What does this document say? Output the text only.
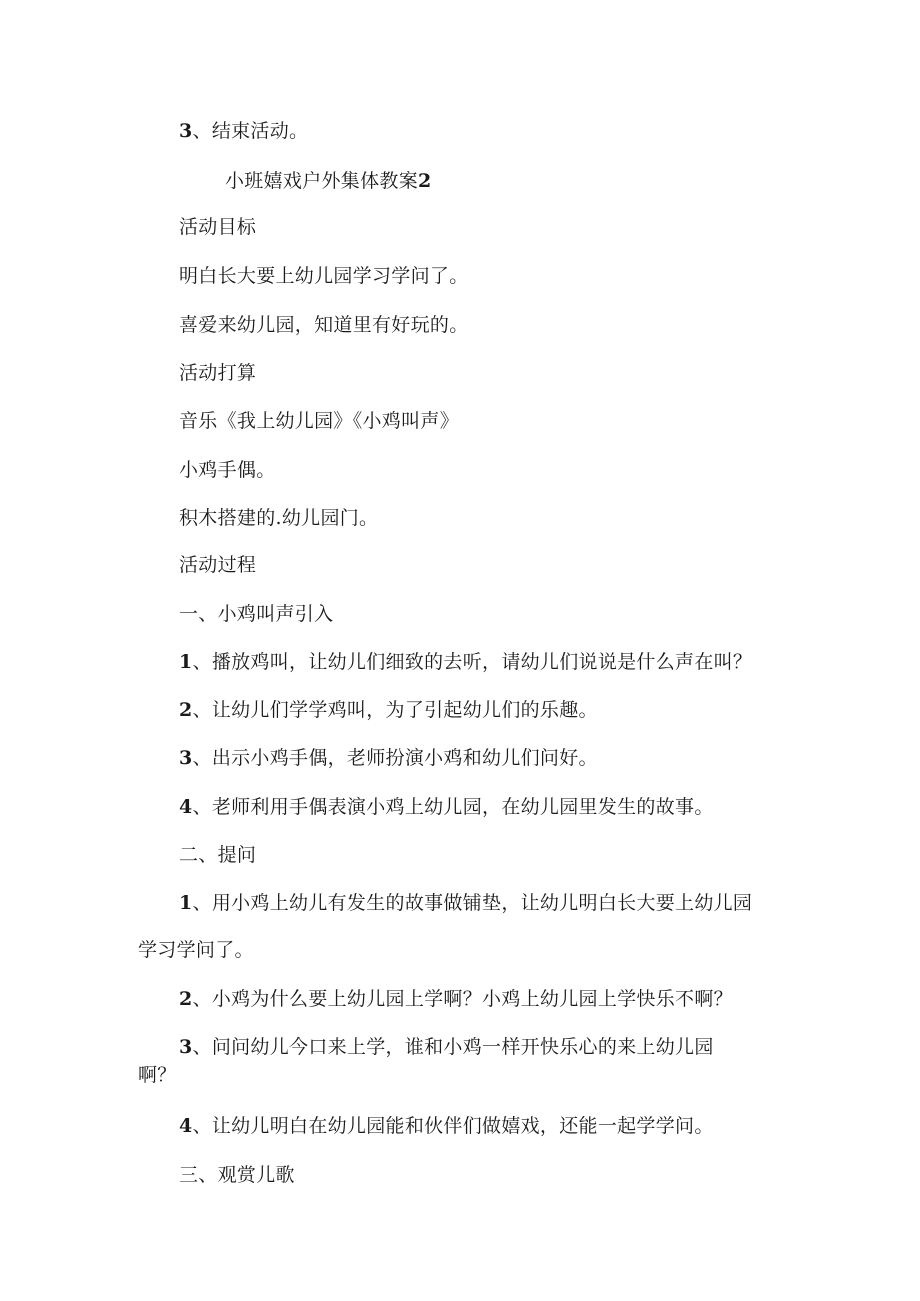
3、结束活动。
小班嬉戏户外集体教案2
活动目标
明白长大要上幼儿园学习学问了。
喜爱来幼儿园，知道里有好玩的。
活动打算
音乐《我上幼儿园》《小鸡叫声》
小鸡手偶。
积木搭建的.幼儿园门。
活动过程
一、小鸡叫声引入
1、播放鸡叫，让幼儿们细致的去听，请幼儿们说说是什么声在叫？
2、让幼儿们学学鸡叫，为了引起幼儿们的乐趣。
3、出示小鸡手偶，老师扮演小鸡和幼儿们问好。
4、老师利用手偶表演小鸡上幼儿园，在幼儿园里发生的故事。
二、提问
1、用小鸡上幼儿有发生的故事做铺垫，让幼儿明白长大要上幼儿园
学习学问了。
2、小鸡为什么要上幼儿园上学啊？小鸡上幼儿园上学快乐不啊？
3、问问幼儿今口来上学，谁和小鸡一样开快乐心的来上幼儿园
啊？
4、让幼儿明白在幼儿园能和伙伴们做嬉戏，还能一起学学问。
三、观赏儿歌
